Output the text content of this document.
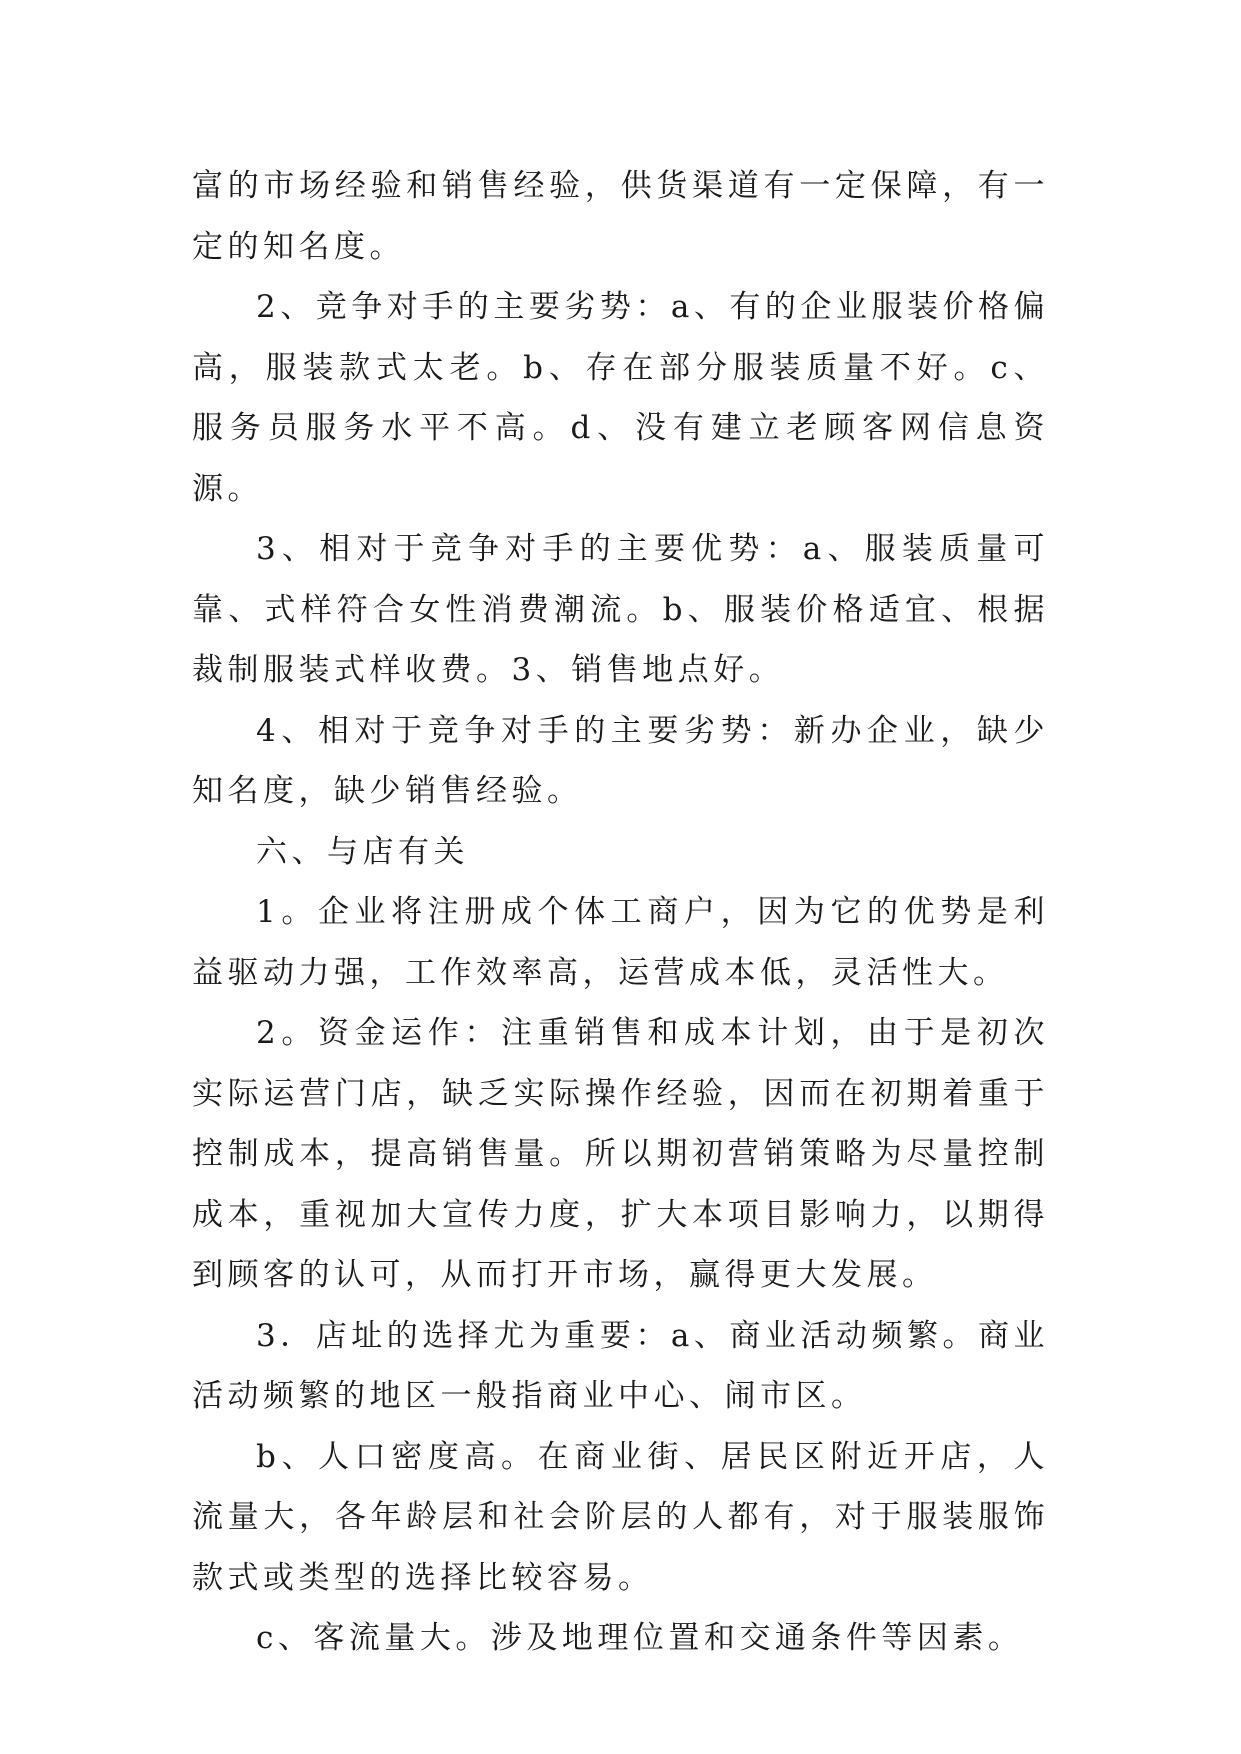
富的市场经验和销售经验，供货渠道有一定保障，有一定的知名度。

2、竞争对手的主要劣势：a、有的企业服装价格偏高，服装款式太老。b、存在部分服装质量不好。c、服务员服务水平不高。d、没有建立老顾客网信息资源。

3、相对于竞争对手的主要优势：a、服装质量可靠、式样符合女性消费潮流。b、服装价格适宜、根据裁制服装式样收费。3、销售地点好。

4、相对于竞争对手的主要劣势：新办企业，缺少知名度，缺少销售经验。

六、与店有关

1。企业将注册成个体工商户，因为它的优势是利益驱动力强，工作效率高，运营成本低，灵活性大。

2。资金运作：注重销售和成本计划，由于是初次实际运营门店，缺乏实际操作经验，因而在初期着重于控制成本，提高销售量。所以期初营销策略为尽量控制成本，重视加大宣传力度，扩大本项目影响力，以期得到顾客的认可，从而打开市场，赢得更大发展。

3．店址的选择尤为重要：a、商业活动频繁。商业活动频繁的地区一般指商业中心、闹市区。

b、人口密度高。在商业街、居民区附近开店，人流量大，各年龄层和社会阶层的人都有，对于服装服饰款式或类型的选择比较容易。

c、客流量大。涉及地理位置和交通条件等因素。
